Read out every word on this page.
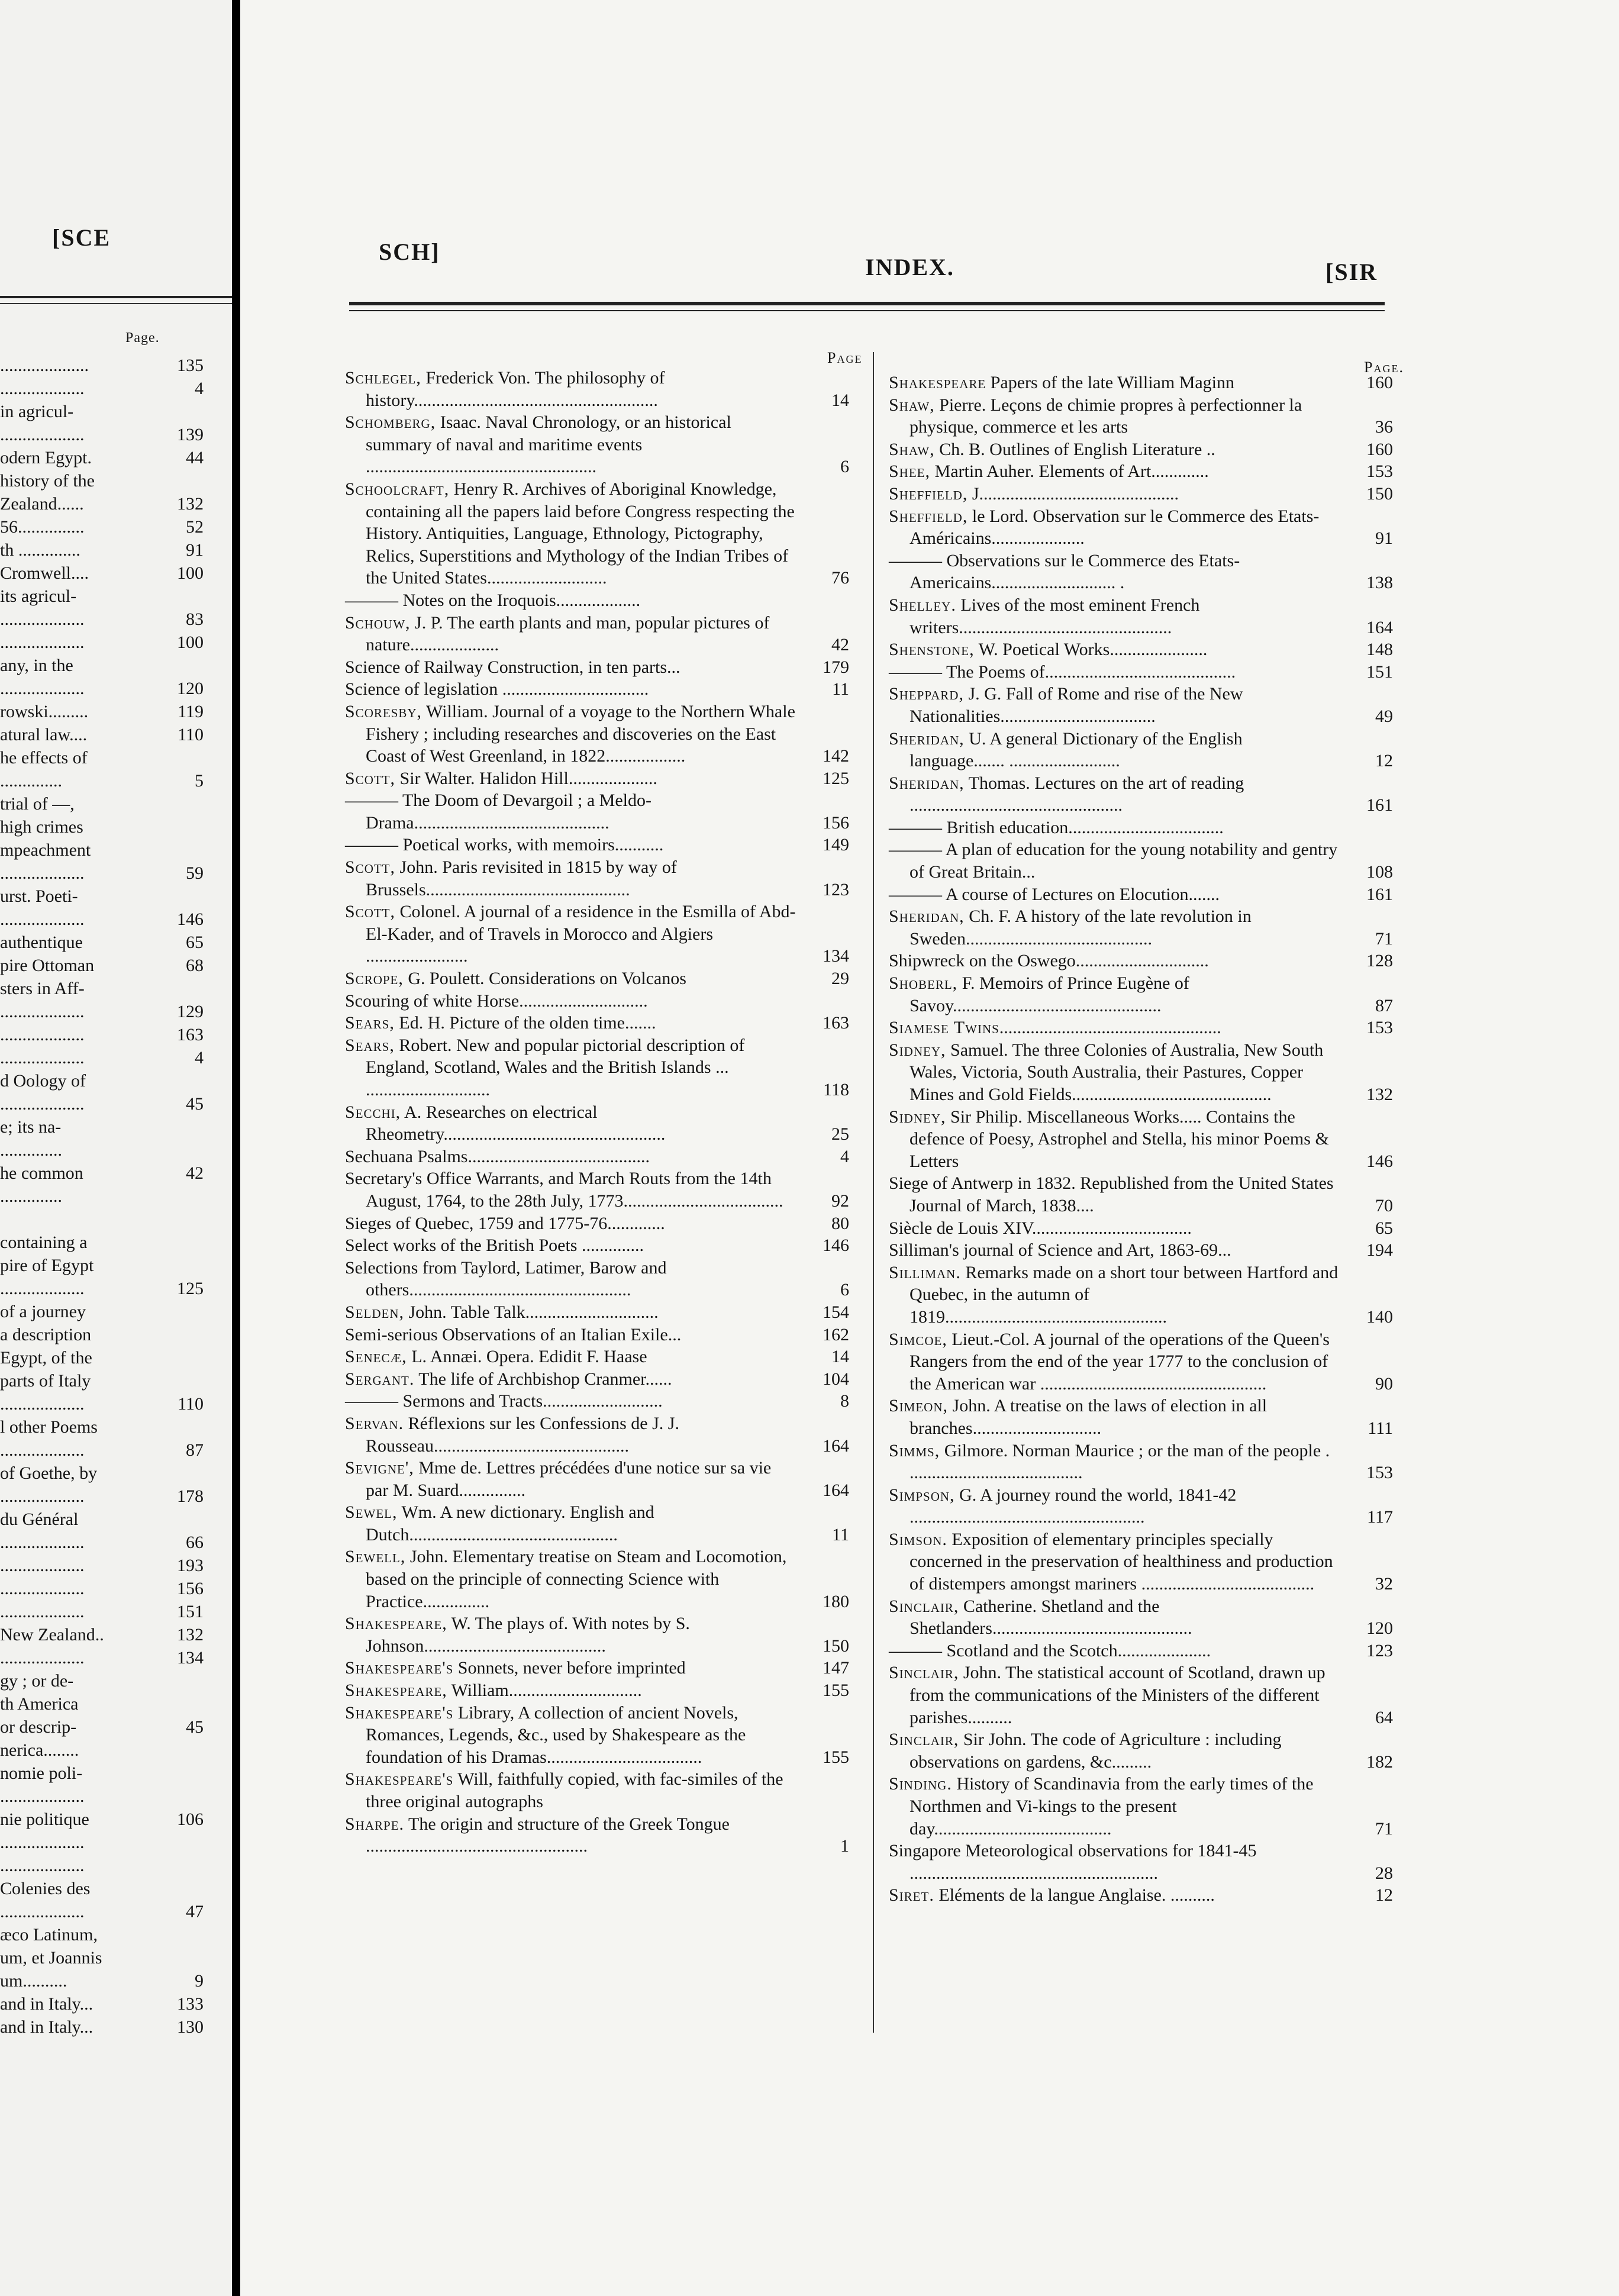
[SCE
Page.
....................	135
...................	4
in agricul-
...................	139
odern Egypt.	44
history of the
Zealand......	132
56...............	52
th ..............	91
Cromwell....	100
its agricul-
...................	83
...................	100
any, in the
...................	120
rowski.........	119
atural law....	110
he effects of
..............	5
trial of —,
high crimes
mpeachment
...................	59
urst. Poeti-
...................	146
authentique	65
pire Ottoman	68
sters in Aff-
...................	129
...................	163
...................	4
d Oology of
...................	45
e; its na-
..............
he common	42
..............
containing a
pire of Egypt
...................	125
of a journey
a description
Egypt, of the
parts of Italy
...................	110
l other Poems
...................	87
of Goethe, by
...................	178
du Général
...................	66
...................	193
...................	156
...................	151
New Zealand..	132
...................	134
gy ; or de-
th America
or descrip-	45
nerica........
nomie poli-
...................
nie politique	106
...................
...................
Colenies des
...................	47
æco Latinum,
um, et Joannis
um..........	9
and in Italy...	133
and in Italy...	130
SCH]
INDEX.	[SIR
Page
Page.
Schlegel, Frederick Von. The philosophy of history.......................................................	14
Schomberg, Isaac. Naval Chronology, or an historical summary of naval and maritime events ....................................................	6
Schoolcraft, Henry R. Archives of Aboriginal Knowledge, containing all the papers laid before Congress respecting the History. Antiquities, Language, Ethnology, Pictography, Relics, Superstitions and Mythology of the Indian Tribes of the United States...........................	76
——— Notes on the Iroquois...................
Schouw, J. P. The earth plants and man, popular pictures of nature....................	42
Science of Railway Construction, in ten parts...	179
Science of legislation .................................	11
Scoresby, William. Journal of a voyage to the Northern Whale Fishery ; including researches and discoveries on the East Coast of West Greenland, in 1822..................	142
Scott, Sir Walter. Halidon Hill....................	125
——— The Doom of Devargoil ; a Meldo-Drama............................................	156
——— Poetical works, with memoirs...........	149
Scott, John. Paris revisited in 1815 by way of Brussels..............................................	123
Scott, Colonel. A journal of a residence in the Esmilla of Abd-El-Kader, and of Travels in Morocco and Algiers .......................	134
Scrope, G. Poulett. Considerations on Volcanos	29
Scouring of white Horse.............................
Sears, Ed. H. Picture of the olden time.......	163
Sears, Robert. New and popular pictorial description of England, Scotland, Wales and the British Islands ... ............................	118
Secchi, A. Researches on electrical Rheometry..................................................	25
Sechuana Psalms.........................................	4
Secretary's Office Warrants, and March Routs from the 14th August, 1764, to the 28th July, 1773....................................	92
Sieges of Quebec, 1759 and 1775-76.............	80
Select works of the British Poets ..............	146
Selections from Taylord, Latimer, Barow and others..................................................	6
Selden, John. Table Talk..............................	154
Semi-serious Observations of an Italian Exile...	162
Senecæ, L. Annæi. Opera. Edidit F. Haase	14
Sergant. The life of Archbishop Cranmer......	104
——— Sermons and Tracts...........................	8
Servan. Réflexions sur les Confessions de J. J. Rousseau............................................	164
Sevigne', Mme de. Lettres précédées d'une notice sur sa vie par M. Suard...............	164
Sewel, Wm. A new dictionary. English and Dutch...............................................	11
Sewell, John. Elementary treatise on Steam and Locomotion, based on the principle of connecting Science with Practice...............	180
Shakespeare, W. The plays of. With notes by S. Johnson.........................................	150
Shakespeare's Sonnets, never before imprinted	147
Shakespeare, William..............................	155
Shakespeare's Library, A collection of ancient Novels, Romances, Legends, &c., used by Shakespeare as the foundation of his Dramas...................................	155
Shakespeare's Will, faithfully copied, with fac-similes of the three original autographs
Sharpe. The origin and structure of the Greek Tongue ..................................................	1
Shakespeare Papers of the late William Maginn	160
Shaw, Pierre. Leçons de chimie propres à perfectionner la physique, commerce et les arts	36
Shaw, Ch. B. Outlines of English Literature ..	160
Shee, Martin Auher. Elements of Art.............	153
Sheffield, J.............................................	150
Sheffield, le Lord. Observation sur le Commerce des Etats-Américains.....................	91
——— Observations sur le Commerce des Etats-Americains............................ .	138
Shelley. Lives of the most eminent French writers................................................	164
Shenstone, W. Poetical Works......................	148
——— The Poems of...........................................	151
Sheppard, J. G. Fall of Rome and rise of the New Nationalities...................................	49
Sheridan, U. A general Dictionary of the English language....... .........................	12
Sheridan, Thomas. Lectures on the art of reading ................................................	161
——— British education...................................
——— A plan of education for the young notability and gentry of Great Britain...	108
——— A course of Lectures on Elocution.......	161
Sheridan, Ch. F. A history of the late revolution in Sweden..........................................	71
Shipwreck on the Oswego..............................	128
Shoberl, F. Memoirs of Prince Eugène of Savoy...............................................	87
Siamese Twins..................................................	153
Sidney, Samuel. The three Colonies of Australia, New South Wales, Victoria, South Australia, their Pastures, Copper Mines and Gold Fields.............................................	132
Sidney, Sir Philip. Miscellaneous Works..... Contains the defence of Poesy, Astrophel and Stella, his minor Poems & Letters	146
Siege of Antwerp in 1832. Republished from the United States Journal of March, 1838....	70
Siècle de Louis XIV....................................	65
Silliman's journal of Science and Art, 1863-69...	194
Silliman. Remarks made on a short tour between Hartford and Quebec, in the autumn of 1819..................................................	140
Simcoe, Lieut.-Col. A journal of the operations of the Queen's Rangers from the end of the year 1777 to the conclusion of the American war ...................................................	90
Simeon, John. A treatise on the laws of election in all branches.............................	111
Simms, Gilmore. Norman Maurice ; or the man of the people . .......................................	153
Simpson, G. A journey round the world, 1841-42 .....................................................	117
Simson. Exposition of elementary principles specially concerned in the preservation of healthiness and production of distempers amongst mariners .......................................	32
Sinclair, Catherine. Shetland and the Shetlanders.............................................	120
——— Scotland and the Scotch.....................	123
Sinclair, John. The statistical account of Scotland, drawn up from the communications of the Ministers of the different parishes..........	64
Sinclair, Sir John. The code of Agriculture : including observations on gardens, &c.........	182
Sinding. History of Scandinavia from the early times of the Northmen and Vi-kings to the present day........................................	71
Singapore Meteorological observations for 1841-45 ........................................................	28
Siret. Eléments de la langue Anglaise. ..........	12
